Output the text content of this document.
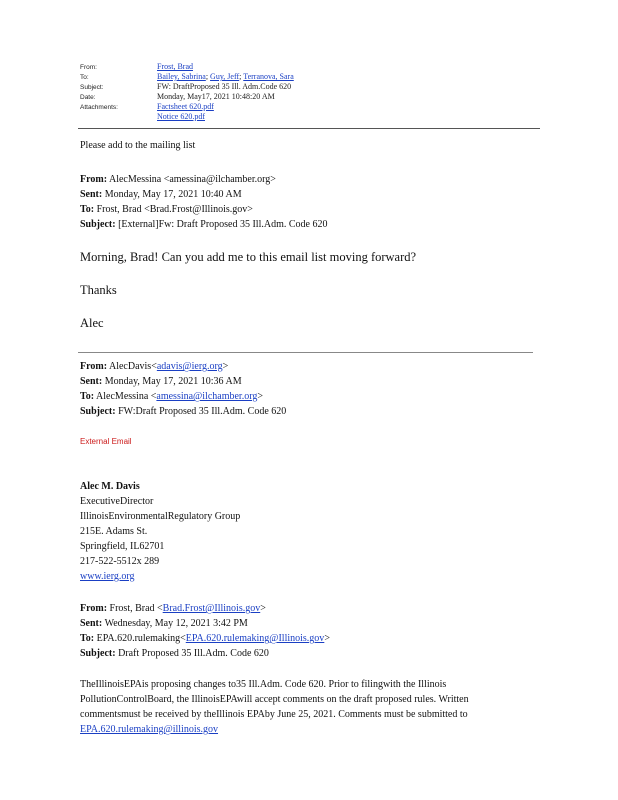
From:	Frost, Brad
To:	Bailey, Sabrina; Guy, Jeff; Terranova, Sara
Subject:	FW: DraftProposed 35 Ill. Adm.Code 620
Date:	Monday, May17, 2021 10:48:20 AM
Attachments:	Factsheet 620.pdf
Notice 620.pdf
Please add to the mailing list
From: AlecMessina <amessina@ilchamber.org>
Sent: Monday, May 17, 2021 10:40 AM
To: Frost, Brad <Brad.Frost@Illinois.gov>
Subject: [External]Fw: Draft Proposed 35 Ill.Adm. Code 620
Morning, Brad! Can you add me to this email list moving forward?
Thanks
Alec
From: AlecDavis<adavis@ierg.org>
Sent: Monday, May 17, 2021 10:36 AM
To: AlecMessina <amessina@ilchamber.org>
Subject: FW:Draft Proposed 35 Ill.Adm. Code 620
External Email
Alec M. Davis
ExecutiveDirector
IllinoisEnvironmentalRegulatory Group
215E. Adams St.
Springfield, IL62701
217-522-5512x 289
www.ierg.org
From: Frost, Brad <Brad.Frost@Illinois.gov>
Sent: Wednesday, May 12, 2021 3:42 PM
To: EPA.620.rulemaking<EPA.620.rulemaking@Illinois.gov>
Subject: Draft Proposed 35 Ill.Adm. Code 620
TheIllinoisEPAis proposing changes to35 Ill.Adm. Code 620. Prior to filingwith the Illinois
PollutionControlBoard, the IllinoisEPAwill accept comments on the draft proposed rules. Written
commentsmust be received by theIllinois EPAby June 25, 2021. Comments must be submitted to
EPA.620.rulemaking@illinois.gov
